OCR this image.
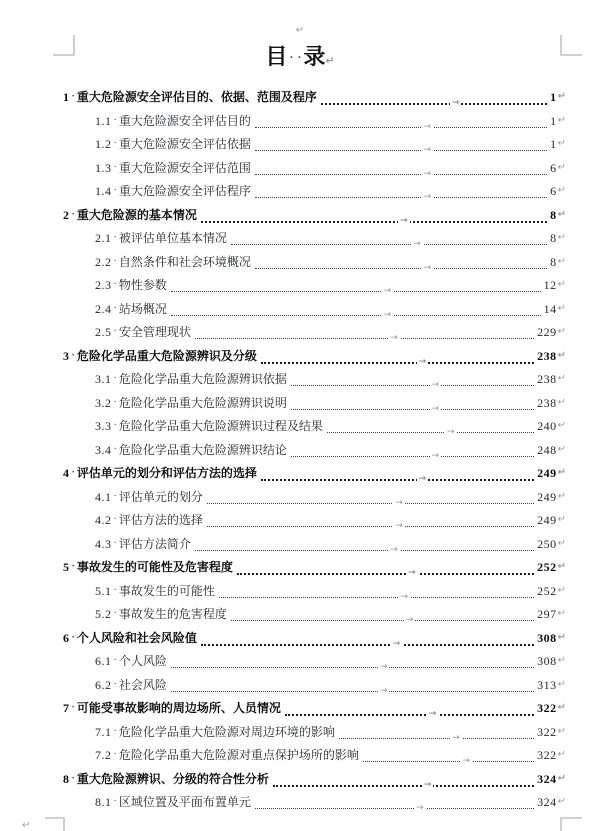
↵
目 · ·录↵
1 · 重大危险源安全评估目的、依据、范围及程序	→	1 ↵
1.1 · 重大危险源安全评估目的	→	1 ↵
1.2 · 重大危险源安全评估依据	→	1 ↵
1.3 · 重大危险源安全评估范围	→	6 ↵
1.4 · 重大危险源安全评估程序	→	6 ↵
2 · 重大危险源的基本情况	→	8 ↵
2.1 · 被评估单位基本情况	→	8 ↵
2.2 · 自然条件和社会环境概况	→	8 ↵
2.3 · 物性参数	→	12 ↵
2.4 · 站场概况	→	14 ↵
2.5 · 安全管理现状	→	229 ↵
3 · 危险化学品重大危险源辨识及分级	→	238 ↵
3.1 · 危险化学品重大危险源辨识依据	→	238 ↵
3.2 · 危险化学品重大危险源辨识说明	→	238 ↵
3.3 · 危险化学品重大危险源辨识过程及结果	→	240 ↵
3.4 · 危险化学品重大危险源辨识结论	→	248 ↵
4 · 评估单元的划分和评估方法的选择	→	249 ↵
4.1 · 评估单元的划分	→	249 ↵
4.2 · 评估方法的选择	→	249 ↵
4.3 · 评估方法简介	→	250 ↵
5 · 事故发生的可能性及危害程度	→	252 ↵
5.1 · 事故发生的可能性	→	252 ↵
5.2 · 事故发生的危害程度	→	297 ↵
6 · 个人风险和社会风险值	→	308 ↵
6.1 · 个人风险	→	308 ↵
6.2 · 社会风险	→	313 ↵
7 · 可能受事故影响的周边场所、人员情况	→	322 ↵
7.1 · 危险化学品重大危险源对周边环境的影响	→	322 ↵
7.2 · 危险化学品重大危险源对重点保护场所的影响	→	322 ↵
8 · 重大危险源辨识、分级的符合性分析	→	324 ↵
8.1 · 区域位置及平面布置单元	→	324 ↵
↵
